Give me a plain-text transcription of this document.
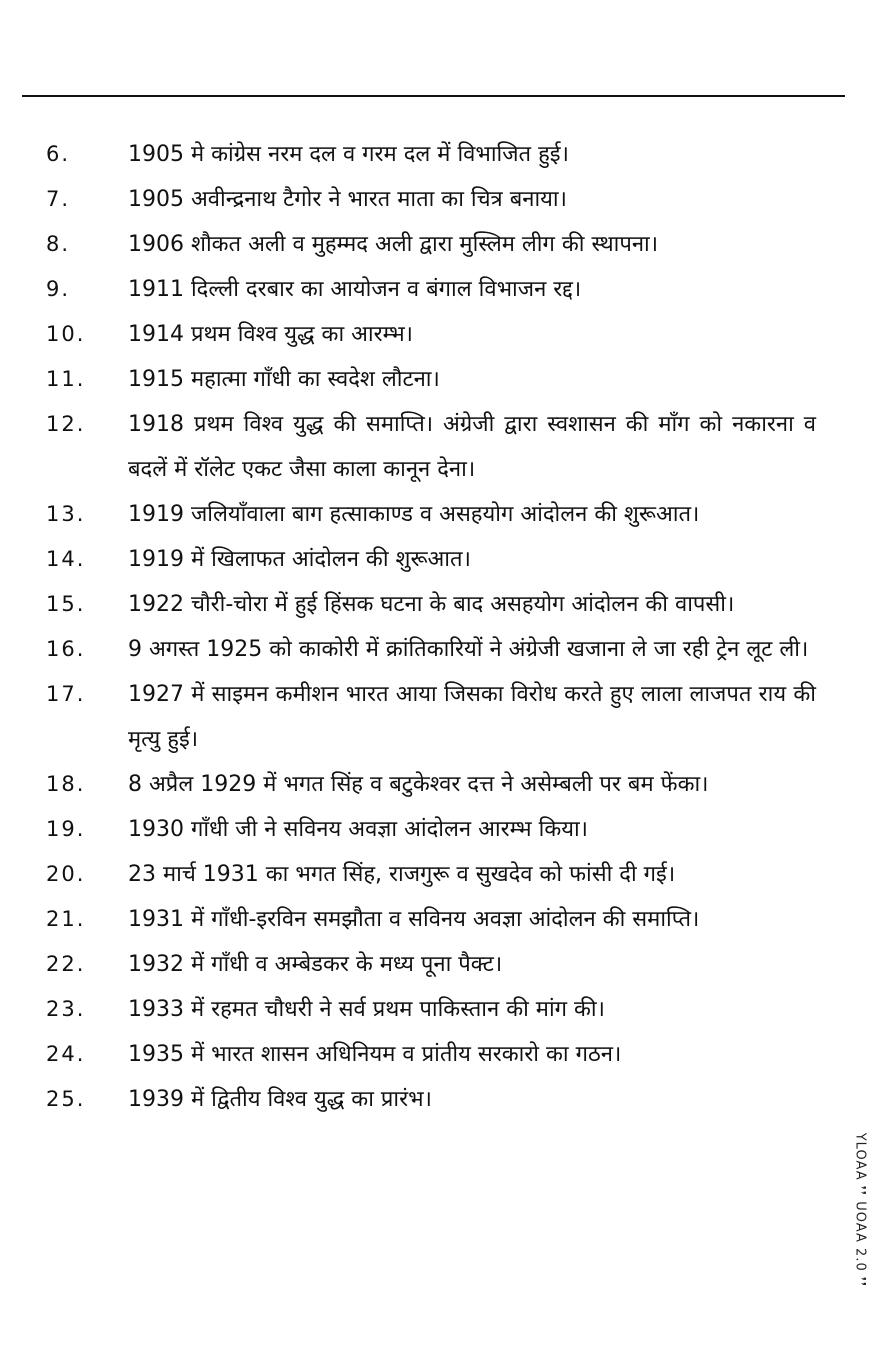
6.	1905 मे कांग्रेस नरम दल व गरम दल में विभाजित हुई।
7.	1905 अवीन्द्रनाथ टैगोर ने भारत माता का चित्र बनाया।
8.	1906 शौकत अली व मुहम्मद अली द्वारा मुस्लिम लीग की स्थापना।
9.	1911 दिल्ली दरबार का आयोजन व बंगाल विभाजन रद्द।
10.	1914 प्रथम विश्व युद्ध का आरम्भ।
11.	1915 महात्मा गाँधी का स्वदेश लौटना।
12.	1918 प्रथम विश्व युद्ध की समाप्ति। अंग्रेजी द्वारा स्वशासन की माँग को नकारना व बदलें में रॉलेट एकट जैसा काला कानून देना।
13.	1919 जलियाँवाला बाग हत्साकाण्ड व असहयोग आंदोलन की शुरूआत।
14.	1919 में खिलाफत आंदोलन की शुरूआत।
15.	1922 चौरी-चोरा में हुई हिंसक घटना के बाद असहयोग आंदोलन की वापसी।
16.	9 अगस्त 1925 को काकोरी में क्रांतिकारियों ने अंग्रेजी खजाना ले जा रही ट्रेन लूट ली।
17.	1927 में साइमन कमीशन भारत आया जिसका विरोध करते हुए लाला लाजपत राय की मृत्यु हुई।
18.	8 अप्रैल 1929 में भगत सिंह व बटुकेश्वर दत्त ने असेम्बली पर बम फेंका।
19.	1930 गाँधी जी ने सविनय अवज्ञा आंदोलन आरम्भ किया।
20.	23 मार्च 1931 का भगत सिंह, राजगुरू व सुखदेव को फांसी दी गई।
21.	1931 में गाँधी-इरविन समझौता व सविनय अवज्ञा आंदोलन की समाप्ति।
22.	1932 में गाँधी व अम्बेडकर के मध्य पूना पैक्ट।
23.	1933 में रहमत चौधरी ने सर्व प्रथम पाकिस्तान की मांग की।
24.	1935 में भारत शासन अधिनियम व प्रांतीय सरकारो का गठन।
25.	1939 में द्वितीय विश्व युद्ध का प्रारंभ।
YLOAA ❜❜ UOAA 2.0 ❜❜
